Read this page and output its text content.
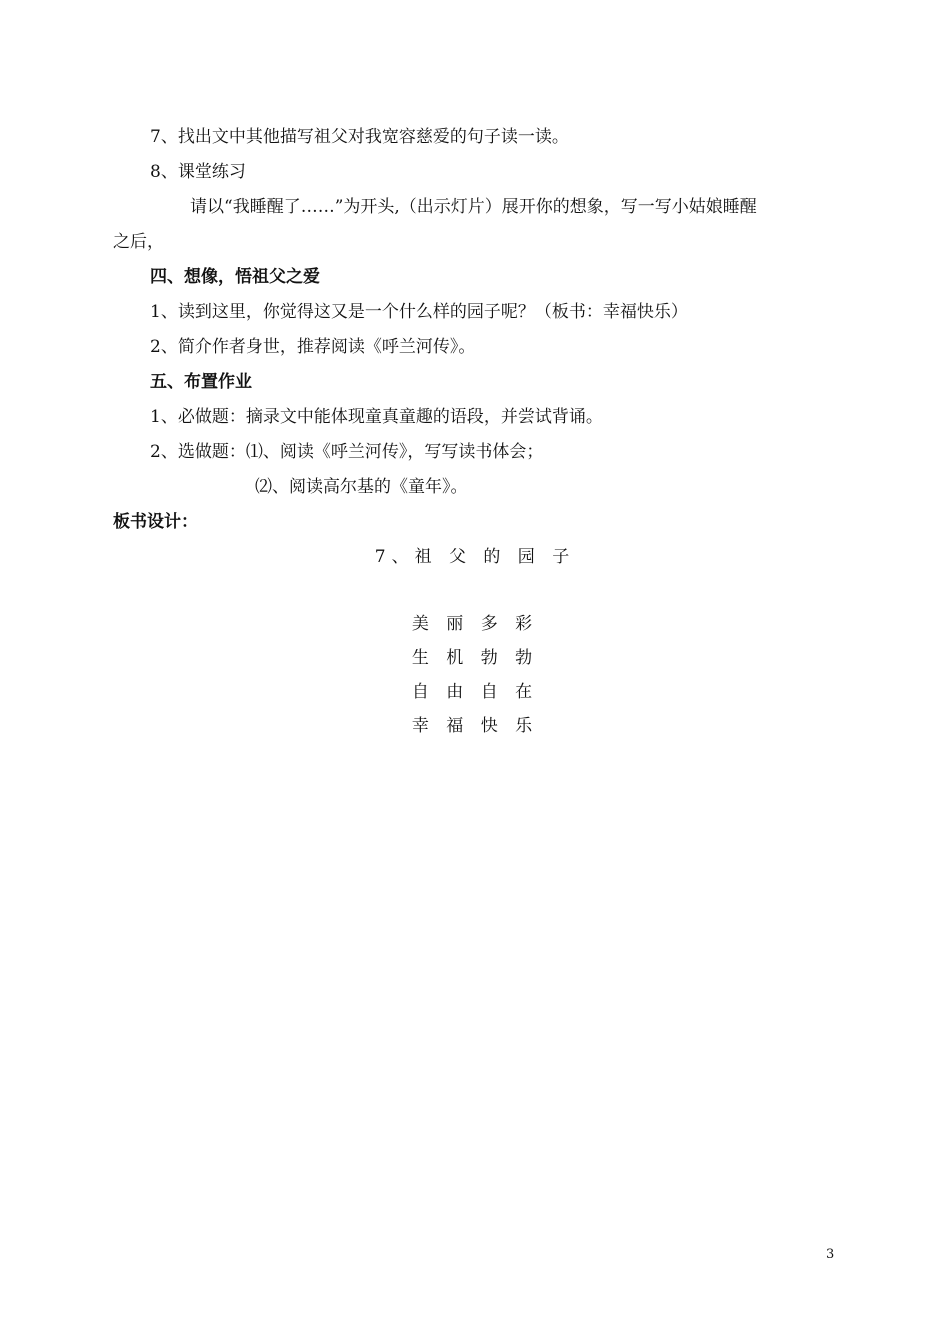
7、找出文中其他描写祖父对我宽容慈爱的句子读一读。
8、课堂练习
请以“我睡醒了……”为开头,（出示灯片）展开你的想象，写一写小姑娘睡醒
之后，
四、想像，悟祖父之爱
1、读到这里，你觉得这又是一个什么样的园子呢？（板书：幸福快乐）
2、简介作者身世，推荐阅读《呼兰河传》。
五、布置作业
1、必做题：摘录文中能体现童真童趣的语段，并尝试背诵。
2、选做题：⑴、阅读《呼兰河传》，写写读书体会；
⑵、阅读高尔基的《童年》。
板书设计：
7、祖 父 的 园 子
美 丽 多 彩
生 机 勃 勃
自 由 自 在
幸 福 快 乐
3
